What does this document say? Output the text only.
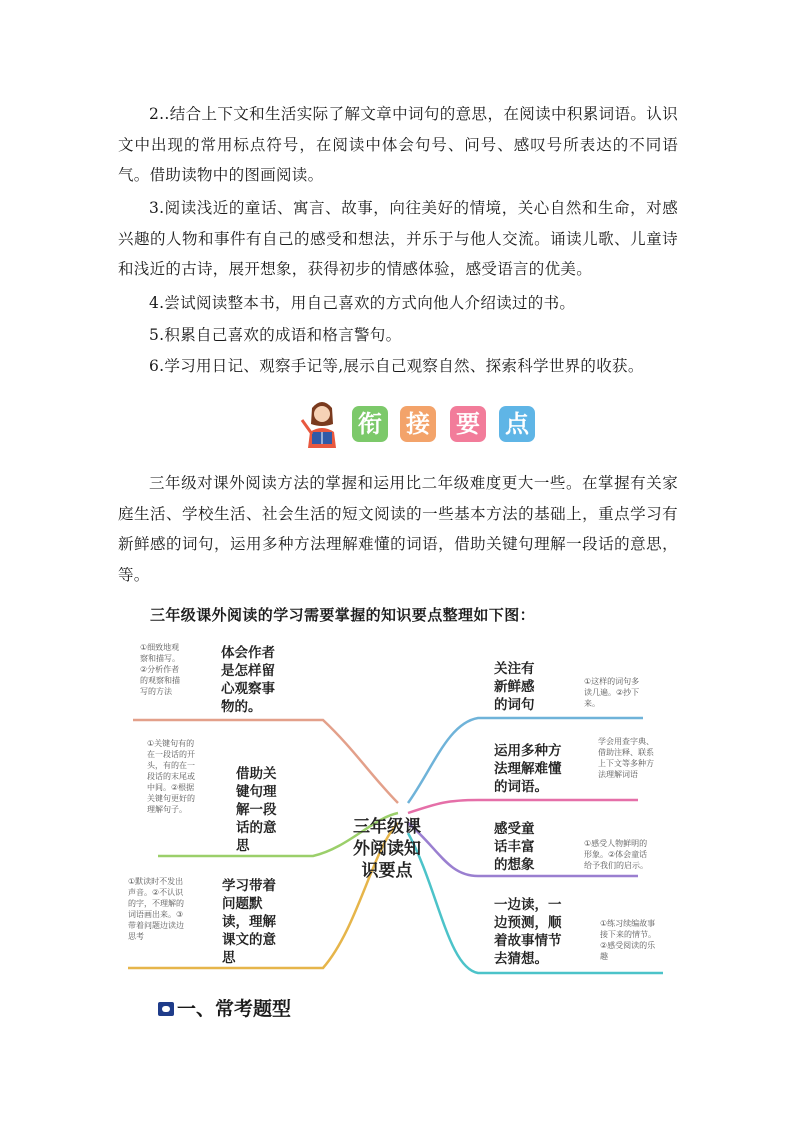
2..结合上下文和生活实际了解文章中词句的意思，在阅读中积累词语。认识文中出现的常用标点符号，在阅读中体会句号、问号、感叹号所表达的不同语气。借助读物中的图画阅读。

3.阅读浅近的童话、寓言、故事，向往美好的情境，关心自然和生命，对感兴趣的人物和事件有自己的感受和想法，并乐于与他人交流。诵读儿歌、儿童诗和浅近的古诗，展开想象，获得初步的情感体验，感受语言的优美。

4.尝试阅读整本书，用自己喜欢的方式向他人介绍读过的书。

5.积累自己喜欢的成语和格言警句。

6.学习用日记、观察手记等,展示自己观察自然、探索科学世界的收获。

衔 接 要 点

三年级对课外阅读方法的掌握和运用比二年级难度更大一些。在掌握有关家庭生活、学校生活、社会生活的短文阅读的一些基本方法的基础上，重点学习有新鲜感的词句，运用多种方法理解难懂的词语，借助关键句理解一段话的意思，等。

三年级课外阅读的学习需要掌握的知识要点整理如下图：
三年级课外阅读知识要点
①细致地观察和描写。②分析作者的观察和描写的方法
体会作者是怎样留心观察事物的。
①关键句有的在一段话的开头，有的在一段话的末尾或中间。②根据关键句更好的理解句子。
借助关键句理解一段话的意思
①默读时不发出声音。②不认识的字，不理解的词语画出来。③带着问题边读边思考
学习带着问题默读，理解课文的意思
关注有新鲜感的词句
①这样的词句多读几遍。②抄下来。
运用多种方法理解难懂的词语。
学会用查字典、借助注释、联系上下文等多种方法理解词语
感受童话丰富的想象
①感受人物鲜明的形象。②体会童话给予我们的启示。
一边读，一边预测，顺着故事情节去猜想。
①练习续编故事接下来的情节。②感受阅读的乐趣
一、常考题型
